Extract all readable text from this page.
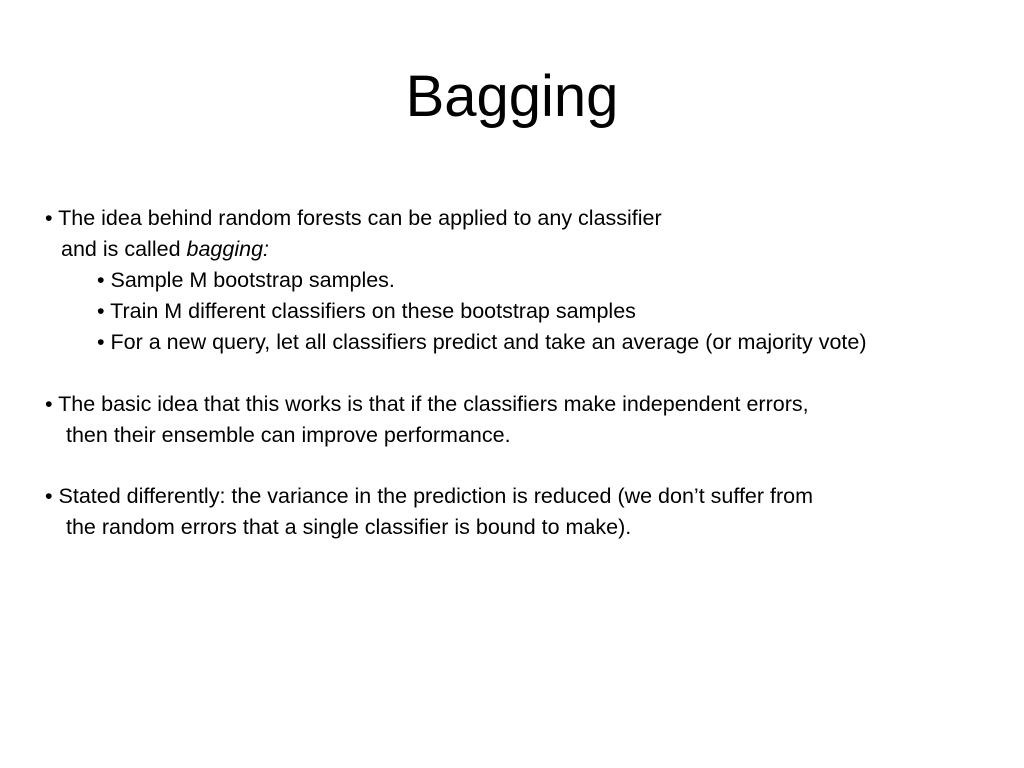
Bagging
• The idea behind random forests can be applied to any classifier
and is called bagging:
• Sample M bootstrap samples.
• Train M different classifiers on these bootstrap samples
• For a new query, let all classifiers predict and take an average (or majority vote)
• The basic idea that this works is that if the classifiers make independent errors,
then their ensemble can improve performance.
• Stated differently: the variance in the prediction is reduced (we don’t suffer from
the random errors that a single classifier is bound to make).
